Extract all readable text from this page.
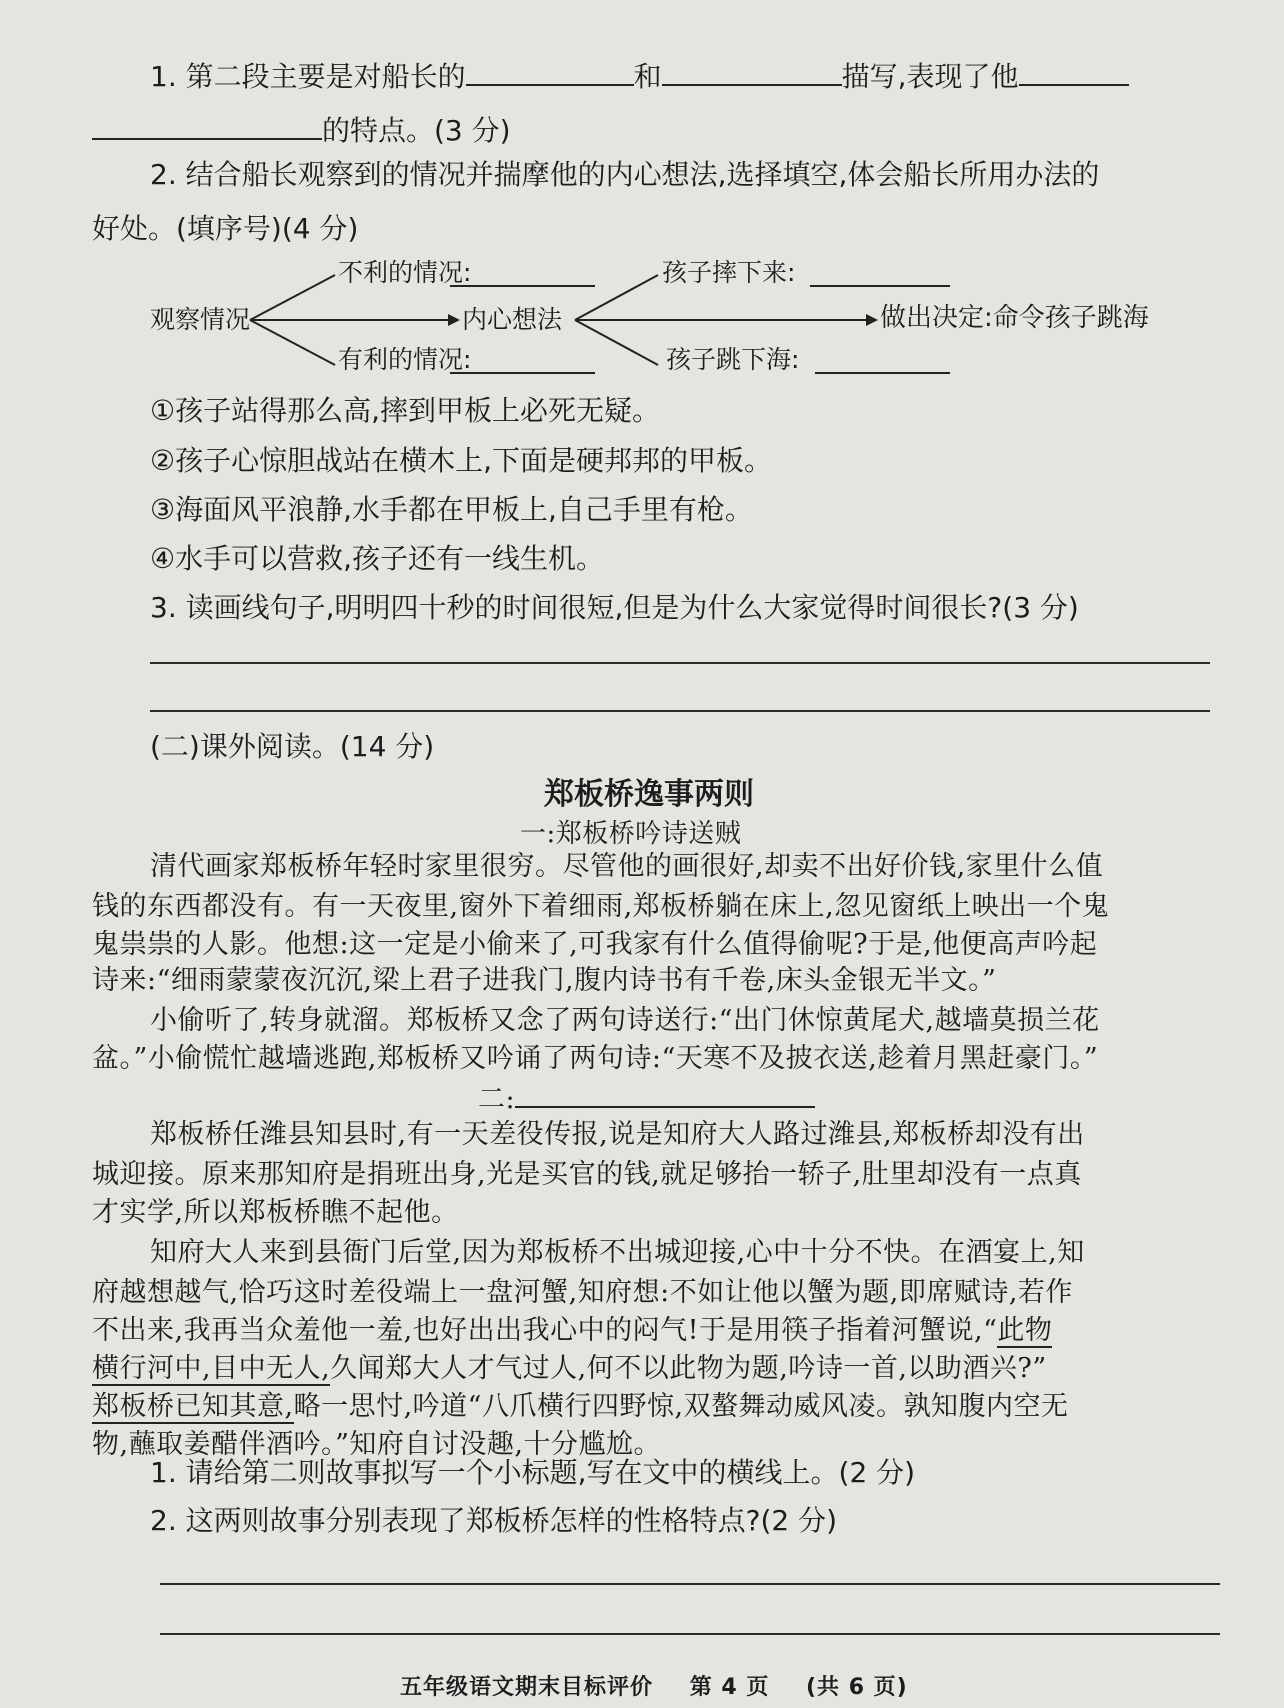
1. 第二段主要是对船长的	和	描写,表现了他
的特点。(3 分)
2. 结合船长观察到的情况并揣摩他的内心想法,选择填空,体会船长所用办法的
好处。(填序号)(4 分)
不利的情况:
观察情况
有利的情况:
内心想法
孩子摔下来:
孩子跳下海:
做出决定:命令孩子跳海
①孩子站得那么高,摔到甲板上必死无疑。
②孩子心惊胆战站在横木上,下面是硬邦邦的甲板。
③海面风平浪静,水手都在甲板上,自己手里有枪。
④水手可以营救,孩子还有一线生机。
3. 读画线句子,明明四十秒的时间很短,但是为什么大家觉得时间很长?(3 分)
(二)课外阅读。(14 分)
郑板桥逸事两则
一:郑板桥吟诗送贼
清代画家郑板桥年轻时家里很穷。尽管他的画很好,却卖不出好价钱,家里什么值
钱的东西都没有。有一天夜里,窗外下着细雨,郑板桥躺在床上,忽见窗纸上映出一个鬼
鬼祟祟的人影。他想:这一定是小偷来了,可我家有什么值得偷呢?于是,他便高声吟起
诗来:“细雨蒙蒙夜沉沉,梁上君子进我门,腹内诗书有千卷,床头金银无半文。”
小偷听了,转身就溜。郑板桥又念了两句诗送行:“出门休惊黄尾犬,越墙莫损兰花
盆。”小偷慌忙越墙逃跑,郑板桥又吟诵了两句诗:“天寒不及披衣送,趁着月黑赶豪门。”
二:
郑板桥任潍县知县时,有一天差役传报,说是知府大人路过潍县,郑板桥却没有出
城迎接。原来那知府是捐班出身,光是买官的钱,就足够抬一轿子,肚里却没有一点真
才实学,所以郑板桥瞧不起他。
知府大人来到县衙门后堂,因为郑板桥不出城迎接,心中十分不快。在酒宴上,知
府越想越气,恰巧这时差役端上一盘河蟹,知府想:不如让他以蟹为题,即席赋诗,若作
不出来,我再当众羞他一羞,也好出出我心中的闷气!于是用筷子指着河蟹说,“此物
横行河中,目中无人,久闻郑大人才气过人,何不以此物为题,吟诗一首,以助酒兴?”
郑板桥已知其意,略一思忖,吟道“八爪横行四野惊,双螯舞动威风凌。孰知腹内空无
物,蘸取姜醋伴酒吟。”知府自讨没趣,十分尴尬。
1. 请给第二则故事拟写一个小标题,写在文中的横线上。(2 分)
2. 这两则故事分别表现了郑板桥怎样的性格特点?(2 分)
五年级语文期末目标评价 第 4 页 (共 6 页)
